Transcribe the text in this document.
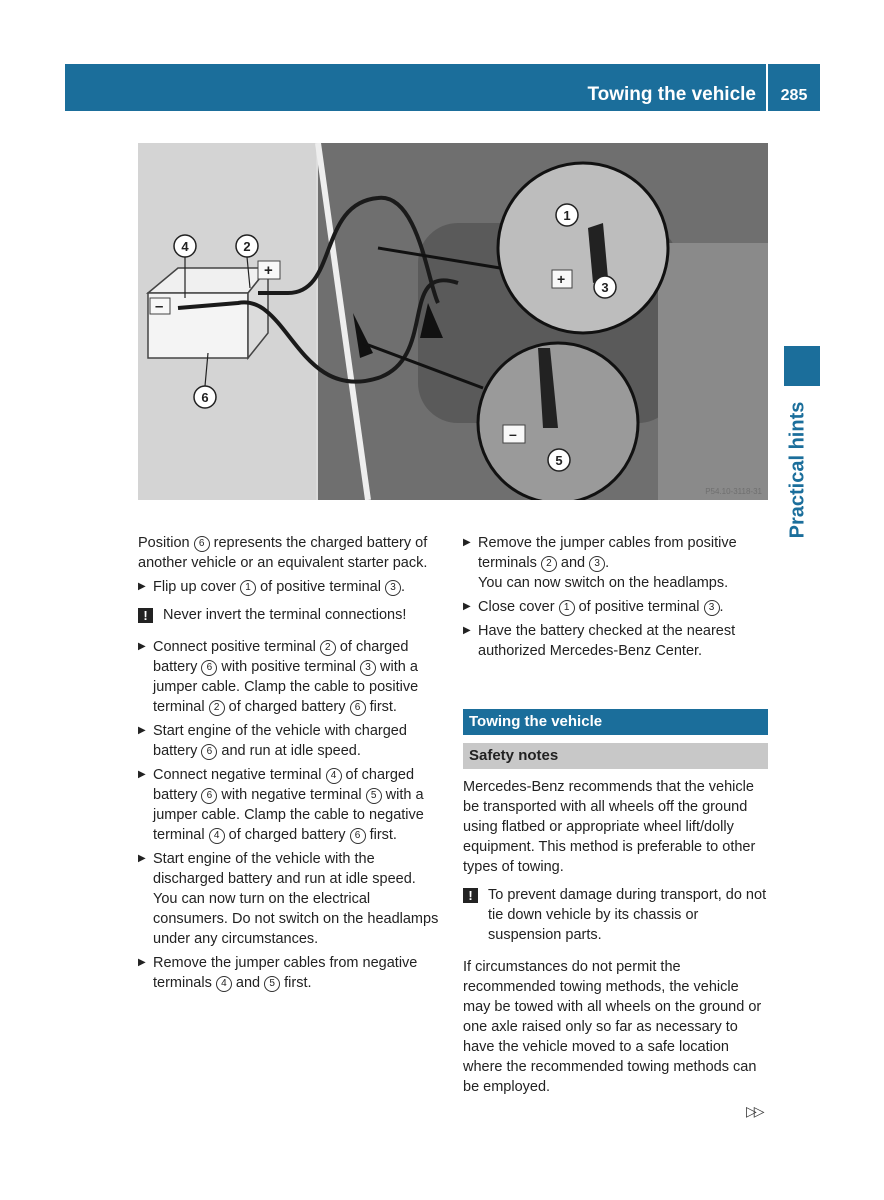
Towing the vehicle	285
Practical hints
+
–
+
–
1
2
3
4
5
6
P54.10-3118-31

Position 6 represents the charged battery of another vehicle or an equivalent starter pack.

▶ Flip up cover 1 of positive terminal 3 .

!	Never invert the terminal connections!

▶ Connect positive terminal 2 of charged battery 6 with positive terminal 3 with a jumper cable. Clamp the cable to positive terminal 2 of charged battery 6 first.

▶ Start engine of the vehicle with charged battery 6 and run at idle speed.

▶ Connect negative terminal 4 of charged battery 6 with negative terminal 5 with a jumper cable. Clamp the cable to negative terminal 4 of charged battery 6 first.

▶ Start engine of the vehicle with the discharged battery and run at idle speed.
You can now turn on the electrical consumers. Do not switch on the headlamps under any circumstances.

▶ Remove the jumper cables from negative terminals 4 and 5 first.

▶ Remove the jumper cables from positive terminals 2 and 3 .
You can now switch on the headlamps.

▶ Close cover 1 of positive terminal 3 .

▶ Have the battery checked at the nearest authorized Mercedes-Benz Center.

Towing the vehicle
Safety notes

Mercedes-Benz recommends that the vehicle be transported with all wheels off the ground using flatbed or appropriate wheel lift/dolly equipment. This method is preferable to other types of towing.

!	To prevent damage during transport, do not tie down vehicle by its chassis or suspension parts.

If circumstances do not permit the recommended towing methods, the vehicle may be towed with all wheels on the ground or one axle raised only so far as necessary to have the vehicle moved to a safe location where the recommended towing methods can be employed.

▷▷
